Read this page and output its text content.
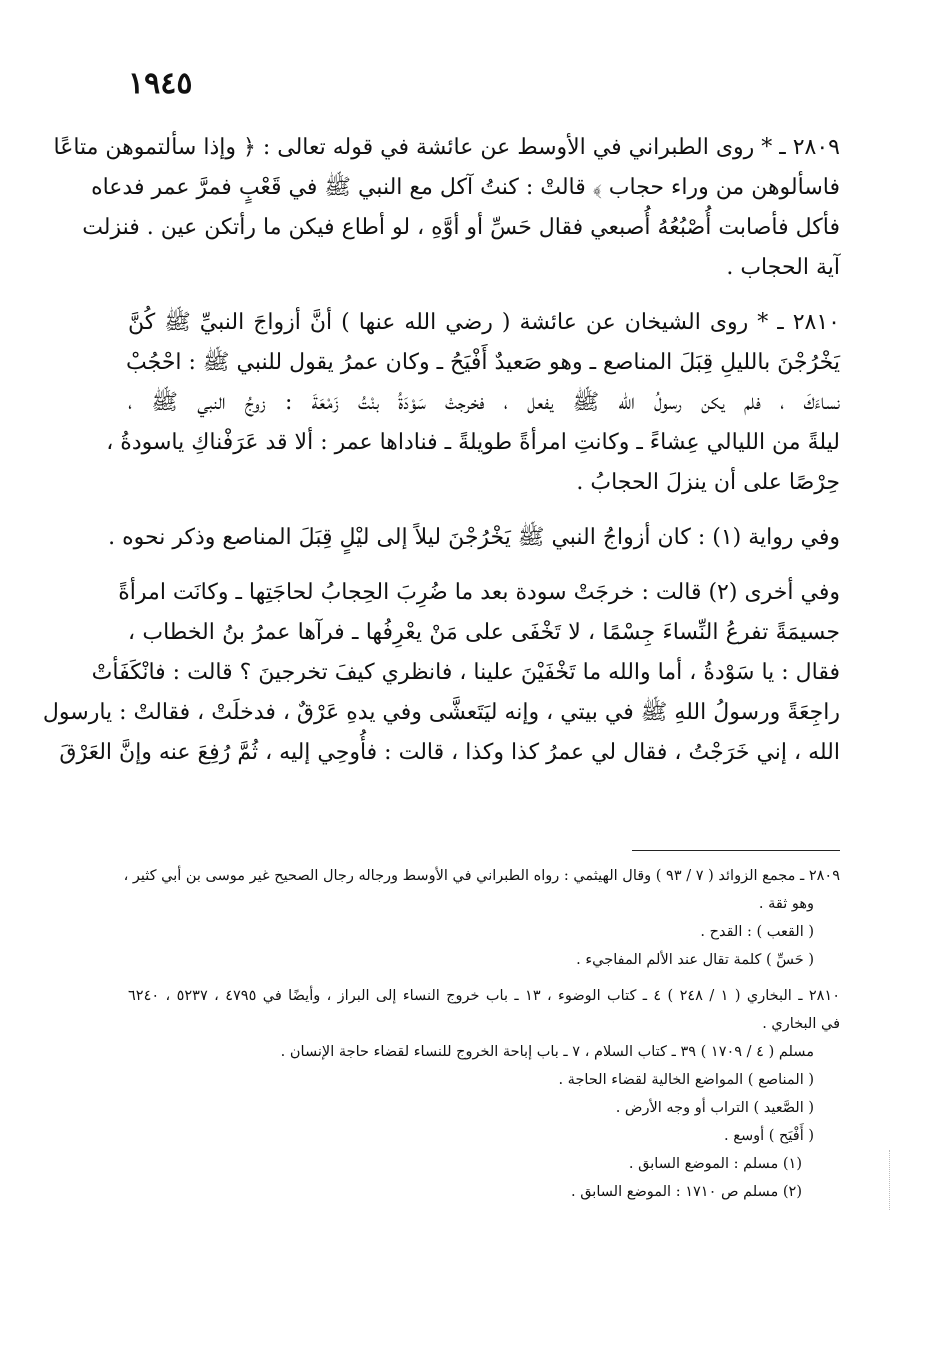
١٩٤٥
٢٨٠٩ ـ * روى الطبراني في الأوسط عن عائشة في قوله تعالى : ﴿ وإذا سألتموهن متاعًا
فاسألوهن من وراء حجاب ﴾ قالتْ : كنتُ آكل مع النبي ﷺ في قَعْبٍ فمرَّ عمر فدعاه
فأكل فأصابت أُصْبُعُهُ أُصبعي فقال حَسِّ أو أوَّهِ ، لو أطاع فيكن ما رأتكن عين . فنزلت
آية الحجاب .
٢٨١٠ ـ * روى الشيخان عن عائشة ( رضي الله عنها ) أنَّ أزواجَ النبيِّ ﷺ كُنَّ
يَخْرُجْنَ بالليلِ قِبَلَ المناصع ـ وهو صَعيدٌ أَفْيَحُ ـ وكان عمرُ يقول للنبي ﷺ : احْجُبْ
نساءَكَ ، فلم يكن رسولُ الله ﷺ يفعل ، فخرجتْ سَوْدَةُ بنْتُ زَمْعَةَ : زوجُ النبي ﷺ ،
ليلةً من الليالي عِشاءً ـ وكانتِ امرأةً طويلةً ـ فناداها عمر : ألا قد عَرَفْناكِ ياسودةُ ،
حِرْصًا على أن ينزلَ الحجابُ .
وفي رواية (١) : كان أزواجُ النبي ﷺ يَخْرُجْنَ ليلاً إلى ليْلٍ قِبَلَ المناصع وذكر نحوه .
وفي أخرى (٢) قالت : خرجَتْ سودة بعد ما ضُرِبَ الحِجابُ لحاجَتِها ـ وكانَت امرأةً
جسيمَةً تفرعُ النِّساءَ جِسْمًا ، لا تَخْفَى على مَنْ يعْرِفُها ـ فرآها عمرُ بنُ الخطاب ،
فقال : يا سَوْدةُ ، أما والله ما تَخْفَيْنَ علينا ، فانظري كيفَ تخرجينَ ؟ قالت : فانْكَفَأتْ
راجِعَةً ورسولُ اللهِ ﷺ في بيتي ، وإنه ليَتَعشَّى وفي يدهِ عَرْقٌ ، فدخلَتْ ، فقالتْ : يارسول
الله ، إني خَرَجْتُ ، فقال لي عمرُ كذا وكذا ، قالت : فأُوحِي إليه ، ثُمَّ رُفِعَ عنه وإنَّ العَرْقَ
٢٨٠٩ ـ مجمع الزوائد ( ٧ / ٩٣ ) وقال الهيثمي : رواه الطبراني في الأوسط ورجاله رجال الصحيح غير موسى بن أبي كثير ،
وهو ثقة .
( القعب ) : القدح .
( حَسِّ ) كلمة تقال عند الألم المفاجيء .
٢٨١٠ ـ البخاري ( ١ / ٢٤٨ ) ٤ ـ كتاب الوضوء ، ١٣ ـ باب خروج النساء إلى البراز ، وأيضًا في ٤٧٩٥ ، ٥٢٣٧ ، ٦٢٤٠
في البخاري .
مسلم ( ٤ / ١٧٠٩ ) ٣٩ ـ كتاب السلام ، ٧ ـ باب إباحة الخروج للنساء لقضاء حاجة الإنسان .
( المناصع ) المواضع الخالية لقضاء الحاجة .
( الصَّعيد ) التراب أو وجه الأرض .
( أَفْيَح ) أوسع .
(١) مسلم : الموضع السابق .
(٢) مسلم ص ١٧١٠ : الموضع السابق .
